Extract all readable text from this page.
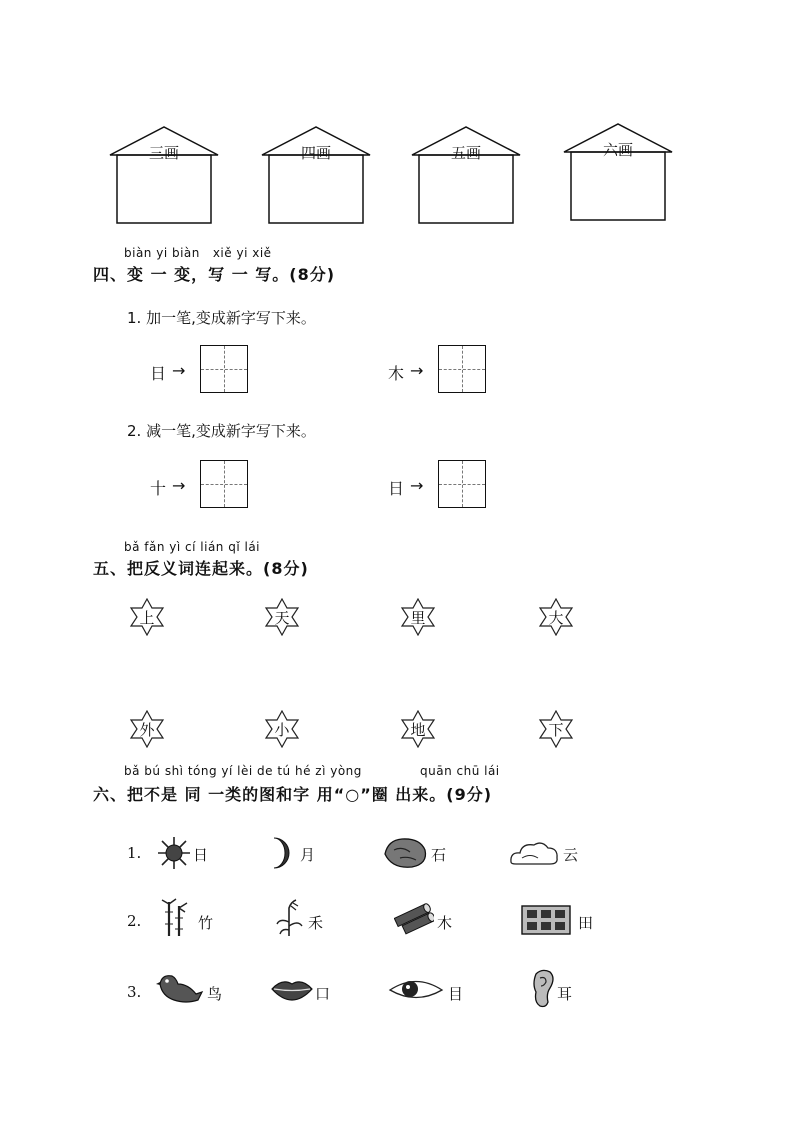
三画	四画	五画	六画
biàn yi biàn   xiě yi xiě
四、变 一 变，写 一 写。(8分)
1. 加一笔,变成新字写下来。
日 →	木 →
2. 减一笔,变成新字写下来。
十 →	日 →
bǎ fǎn yì cí lián qǐ lái
五、把反义词连起来。(8分)
上	天	里	大
外	小	地	下
bǎ bú shì tóng yí lèi de tú hé zì yòng	quān chū lái
六、把不是 同 一类的图和字 用“○”圈 出来。(9分)
1.	日	月	石	云
2.	竹	禾	木	田
3.	鸟	口	目	耳
